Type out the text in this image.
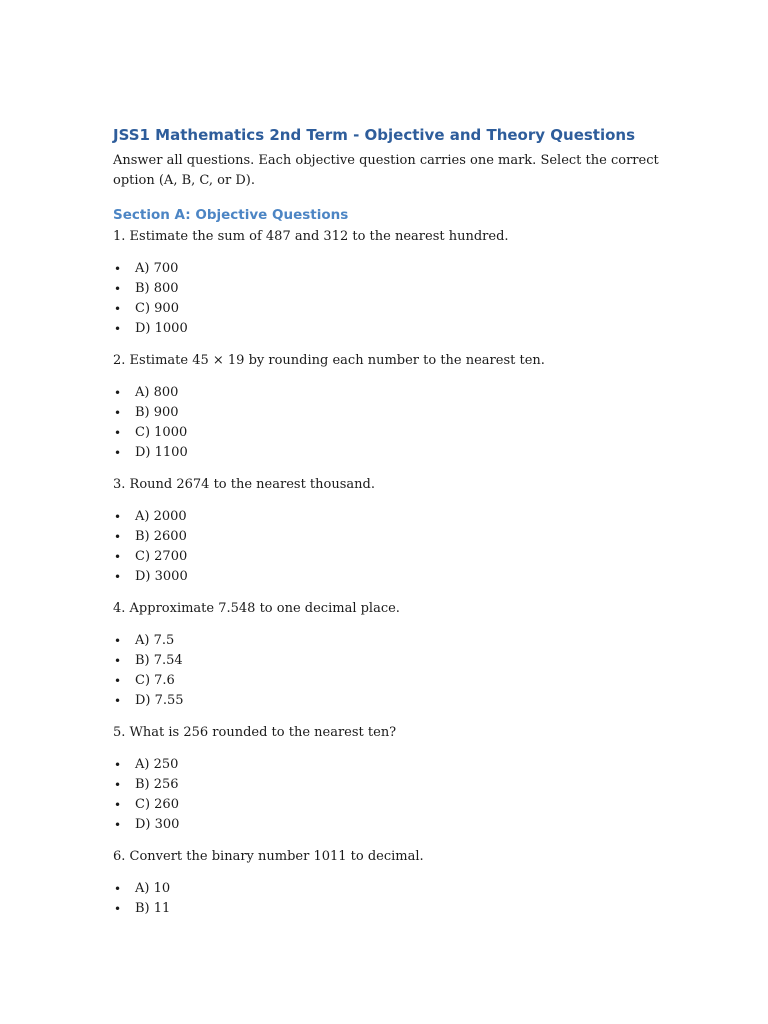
JSS1 Mathematics 2nd Term - Objective and Theory Questions

Answer all questions. Each objective question carries one mark. Select the correct option (A, B, C, or D).

Section A: Objective Questions

1. Estimate the sum of 487 and 312 to the nearest hundred.

• A) 700
• B) 800
• C) 900
• D) 1000

2. Estimate 45 × 19 by rounding each number to the nearest ten.

• A) 800
• B) 900
• C) 1000
• D) 1100

3. Round 2674 to the nearest thousand.

• A) 2000
• B) 2600
• C) 2700
• D) 3000

4. Approximate 7.548 to one decimal place.

• A) 7.5
• B) 7.54
• C) 7.6
• D) 7.55

5. What is 256 rounded to the nearest ten?

• A) 250
• B) 256
• C) 260
• D) 300

6. Convert the binary number 1011 to decimal.

• A) 10
• B) 11
